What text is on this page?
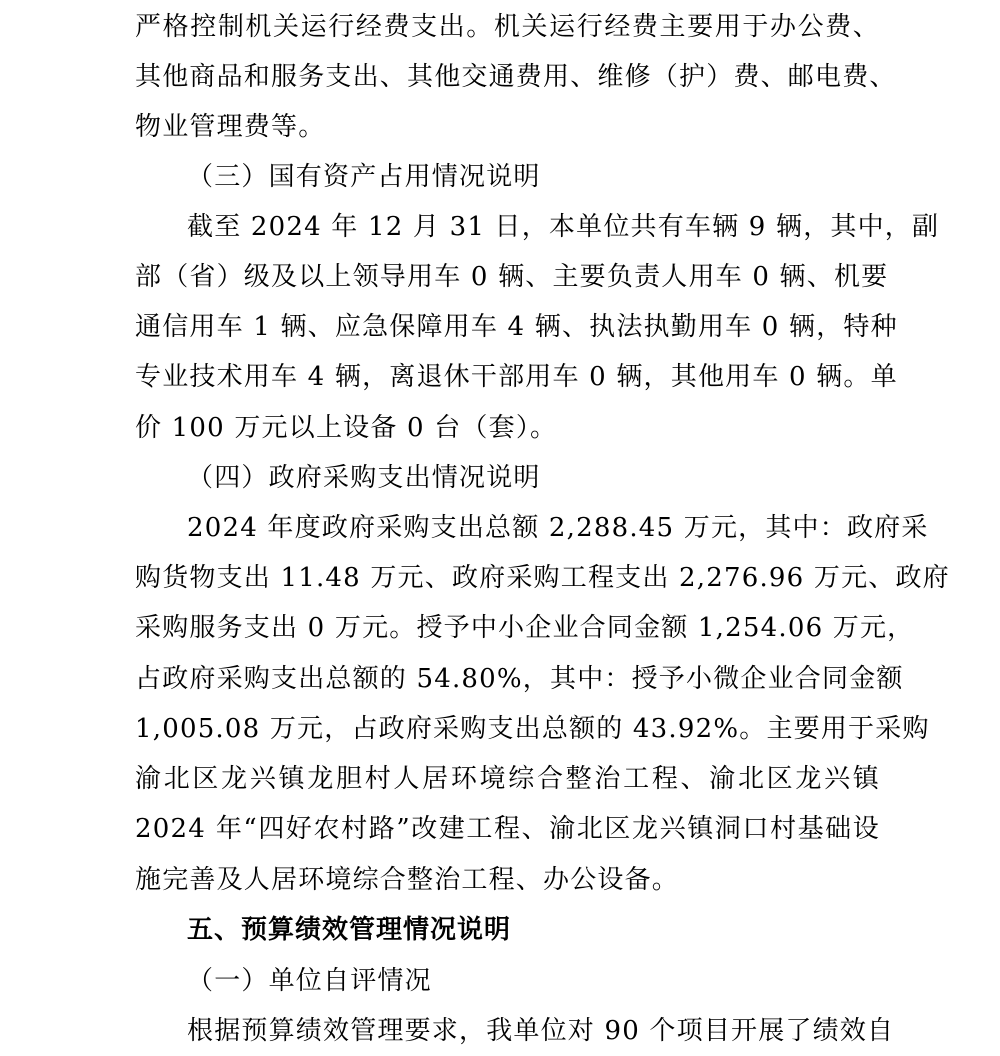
严格控制机关运行经费支出。机关运行经费主要用于办公费、
其他商品和服务支出、其他交通费用、维修（护）费、邮电费、
物业管理费等。
（三）国有资产占用情况说明
截至 2024 年 12 月 31 日，本单位共有车辆 9 辆，其中，副
部（省）级及以上领导用车 0 辆、主要负责人用车 0 辆、机要
通信用车 1 辆、应急保障用车 4 辆、执法执勤用车 0 辆，特种
专业技术用车 4 辆，离退休干部用车 0 辆，其他用车 0 辆。单
价 100 万元以上设备 0 台（套）。
（四）政府采购支出情况说明
2024 年度政府采购支出总额 2,288.45 万元，其中：政府采
购货物支出 11.48 万元、政府采购工程支出 2,276.96 万元、政府
采购服务支出 0 万元。授予中小企业合同金额 1,254.06 万元，
占政府采购支出总额的 54.80%，其中：授予小微企业合同金额
1,005.08 万元，占政府采购支出总额的 43.92%。主要用于采购
渝北区龙兴镇龙胆村人居环境综合整治工程、渝北区龙兴镇
2024 年“四好农村路”改建工程、渝北区龙兴镇洞口村基础设
施完善及人居环境综合整治工程、办公设备。
五、预算绩效管理情况说明
（一）单位自评情况
根据预算绩效管理要求，我单位对 90 个项目开展了绩效自
